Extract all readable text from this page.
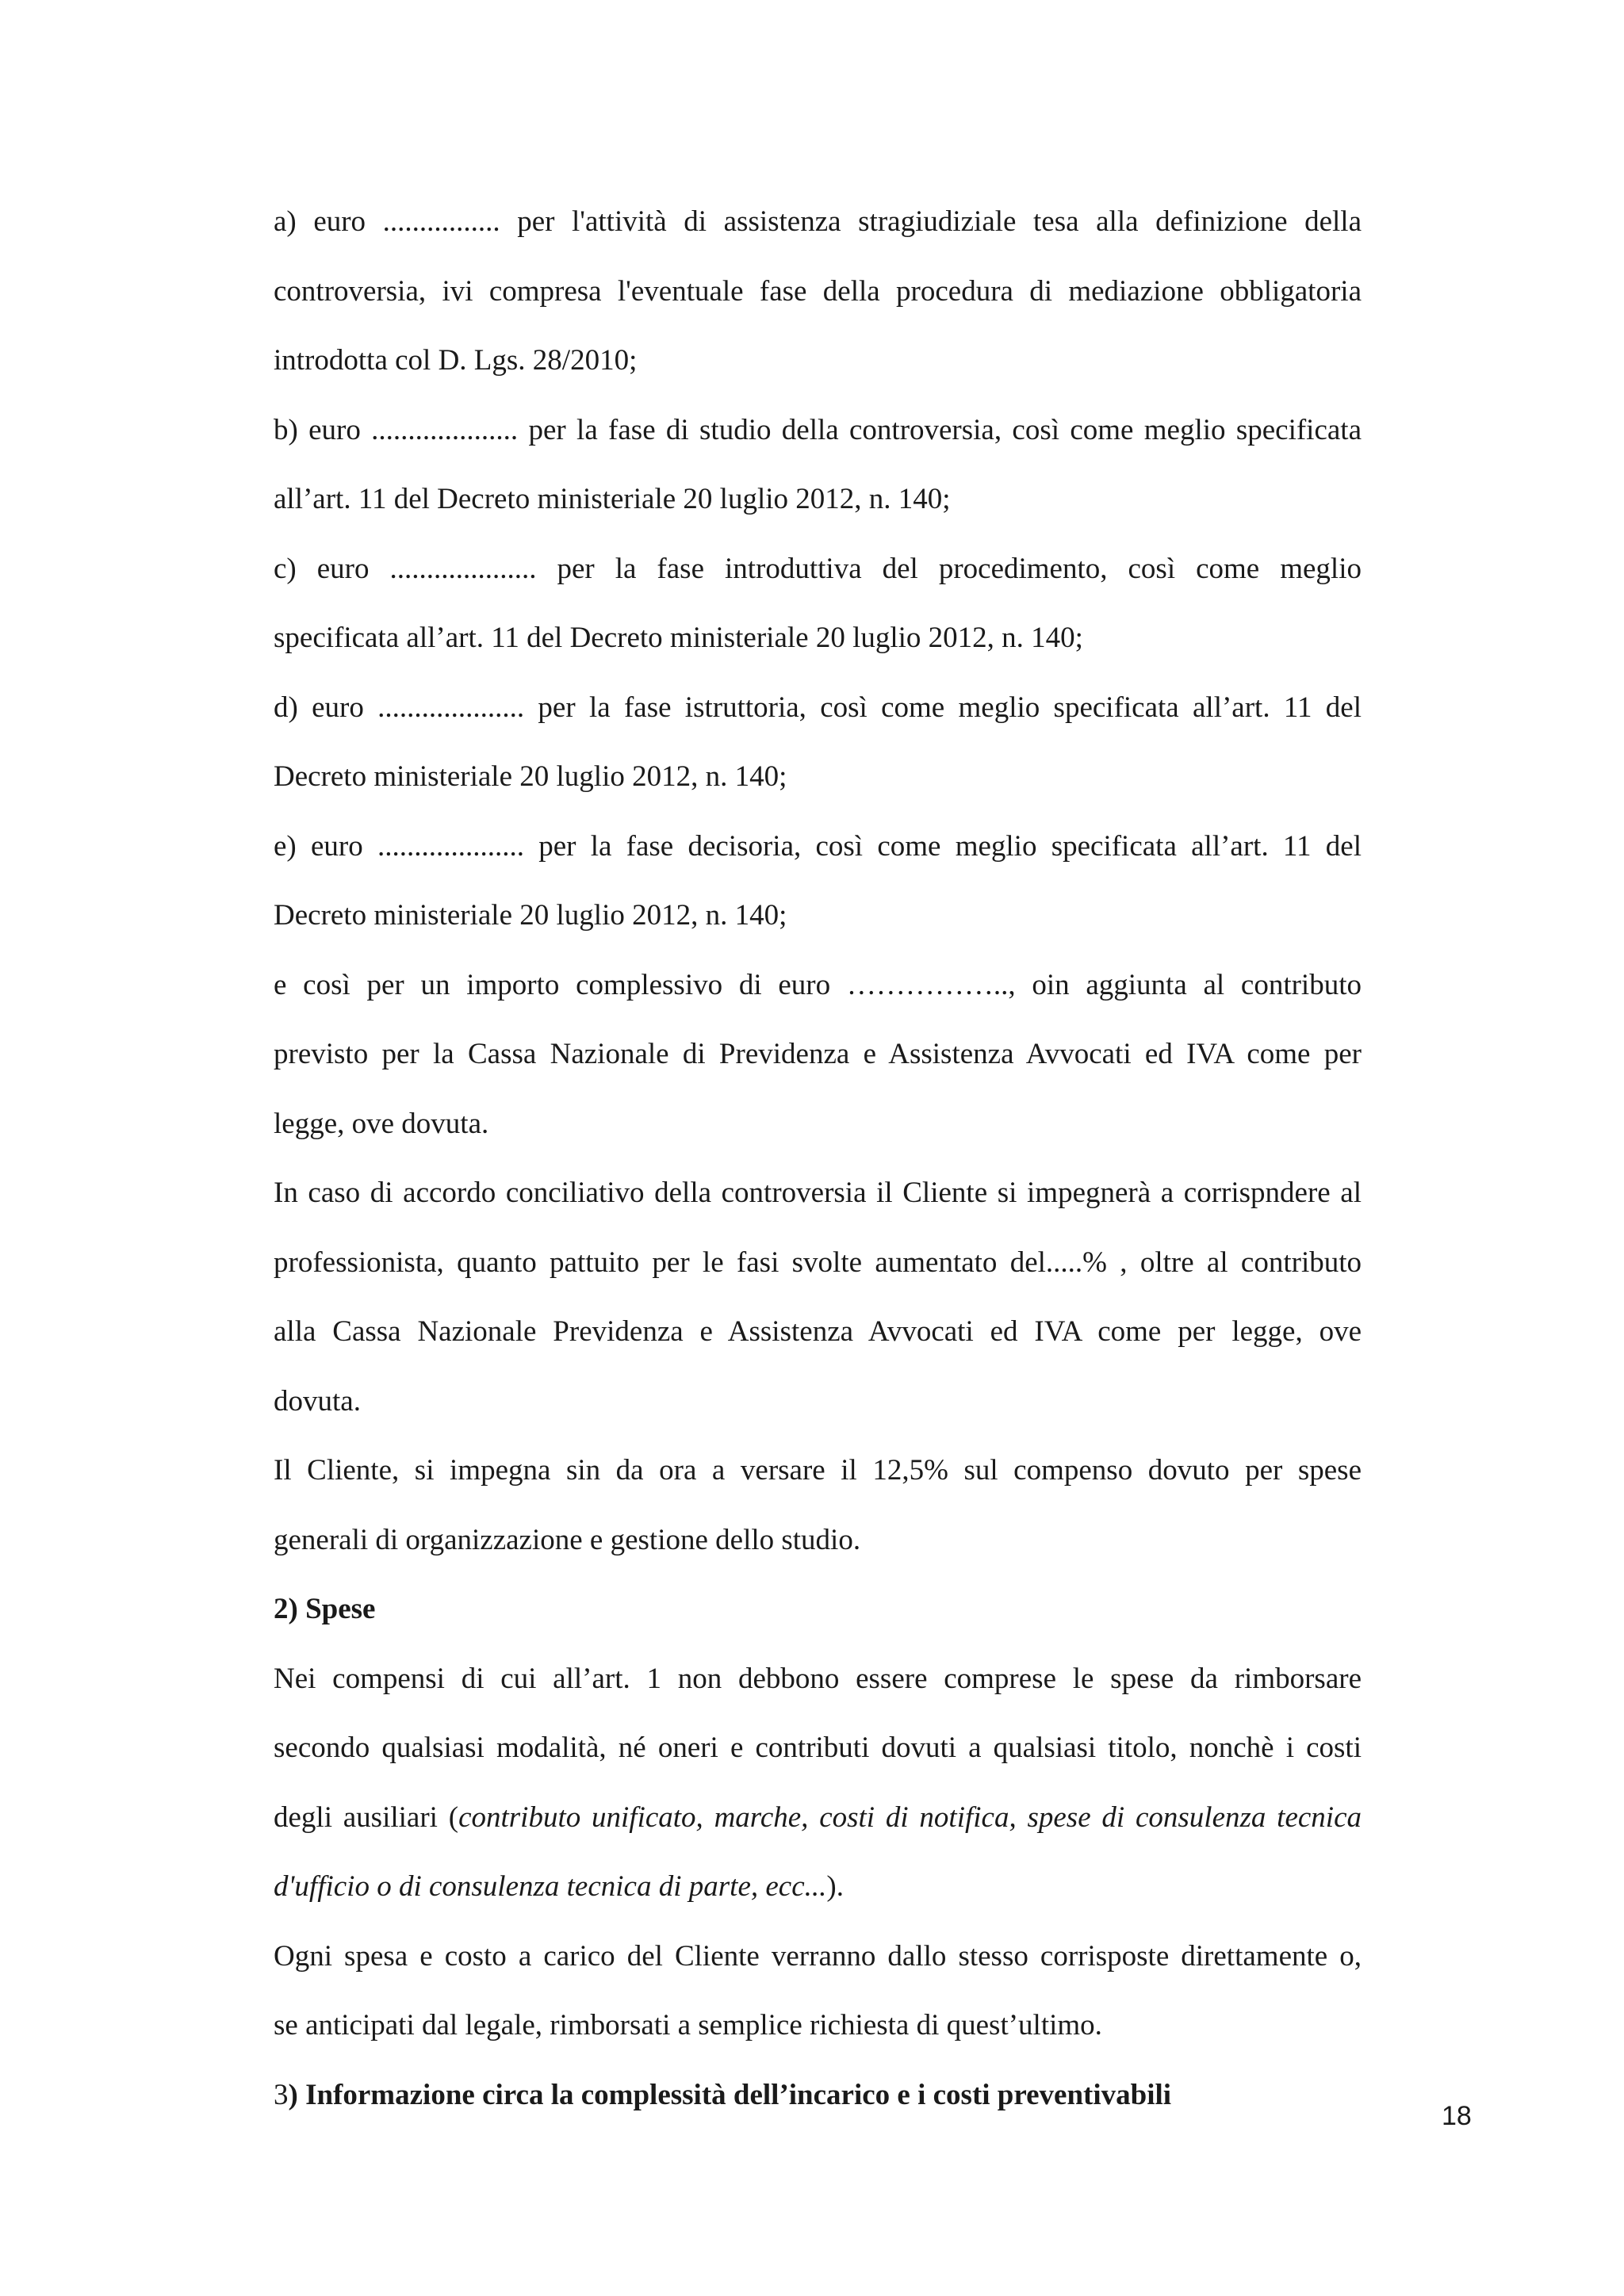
a) euro ................ per l'attività di assistenza stragiudiziale tesa alla definizione della
controversia, ivi compresa l'eventuale fase della procedura di mediazione obbligatoria
introdotta col D. Lgs. 28/2010;
b) euro .................... per la fase di studio della controversia, così come meglio specificata
all’art. 11 del Decreto ministeriale 20 luglio 2012, n. 140;
c) euro .................... per la fase introduttiva del procedimento, così come meglio
specificata all’art. 11 del Decreto ministeriale 20 luglio 2012, n. 140;
d) euro .................... per la fase istruttoria, così come meglio specificata all’art. 11 del
Decreto ministeriale 20 luglio 2012, n. 140;
e) euro .................... per la fase decisoria, così come meglio specificata all’art. 11 del
Decreto ministeriale 20 luglio 2012, n. 140;
e così per un importo complessivo di euro …………….., oin aggiunta al contributo
previsto per la Cassa Nazionale di Previdenza e Assistenza Avvocati ed IVA come per
legge, ove dovuta.
In caso di accordo conciliativo della controversia il Cliente si impegnerà a corrispndere al
professionista, quanto pattuito per le fasi svolte aumentato del.....% , oltre al contributo
alla Cassa Nazionale Previdenza e Assistenza Avvocati ed IVA come per legge, ove
dovuta.
Il Cliente, si impegna sin da ora a versare il 12,5% sul compenso dovuto per spese
generali di organizzazione e gestione dello studio.
2) Spese
Nei compensi di cui all’art. 1 non debbono essere comprese le spese da rimborsare
secondo qualsiasi modalità, né oneri e contributi dovuti a qualsiasi titolo, nonchè i costi
degli ausiliari (contributo unificato, marche, costi di notifica, spese di consulenza tecnica
d'ufficio o di consulenza tecnica di parte, ecc...).
Ogni spesa e costo a carico del Cliente verranno dallo stesso corrisposte direttamente o,
se anticipati dal legale, rimborsati a semplice richiesta di quest’ultimo.
3) Informazione circa la complessità dell’incarico e i costi preventivabili
18
